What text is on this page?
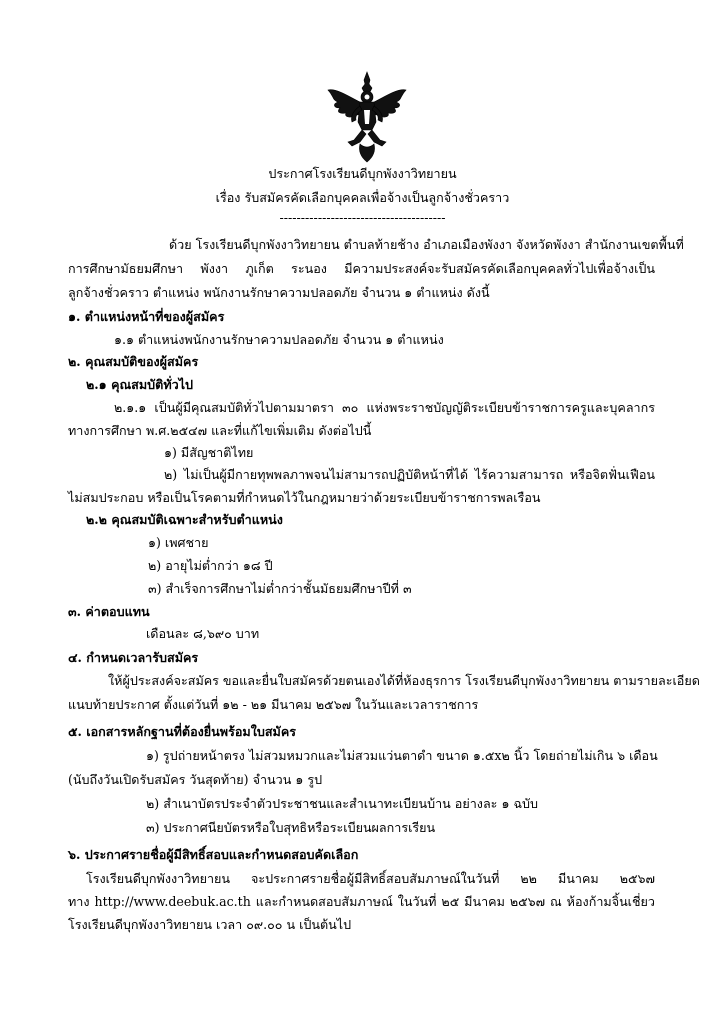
ประกาศโรงเรียนดีบุกพังงาวิทยายน
เรื่อง รับสมัครคัดเลือกบุคคลเพื่อจ้างเป็นลูกจ้างชั่วคราว
---------------------------------------
ด้วย โรงเรียนดีบุกพังงาวิทยายน ตำบลท้ายช้าง อำเภอเมืองพังงา จังหวัดพังงา สำนักงานเขตพื้นที่
การศึกษามัธยมศึกษา พังงา ภูเก็ต ระนอง มีความประสงค์จะรับสมัครคัดเลือกบุคคลทั่วไปเพื่อจ้างเป็น
ลูกจ้างชั่วคราว ตำแหน่ง พนักงานรักษาความปลอดภัย จำนวน ๑ ตำแหน่ง ดังนี้
๑. ตำแหน่งหน้าที่ของผู้สมัคร
๑.๑ ตำแหน่งพนักงานรักษาความปลอดภัย จำนวน ๑ ตำแหน่ง
๒. คุณสมบัติของผู้สมัคร
๒.๑ คุณสมบัติทั่วไป
๒.๑.๑ เป็นผู้มีคุณสมบัติทั่วไปตามมาตรา ๓๐ แห่งพระราชบัญญัติระเบียบข้าราชการครูและบุคลากร
ทางการศึกษา พ.ศ.๒๕๔๗ และที่แก้ไขเพิ่มเติม ดังต่อไปนี้
๑) มีสัญชาติไทย
๒) ไม่เป็นผู้มีกายทุพพลภาพจนไม่สามารถปฏิบัติหน้าที่ได้ ไร้ความสามารถ หรือจิตฟั่นเฟือน
ไม่สมประกอบ หรือเป็นโรคตามที่กำหนดไว้ในกฎหมายว่าด้วยระเบียบข้าราชการพลเรือน
๒.๒ คุณสมบัติเฉพาะสำหรับตำแหน่ง
๑) เพศชาย
๒) อายุไม่ต่ำกว่า ๑๘ ปี
๓) สำเร็จการศึกษาไม่ต่ำกว่าชั้นมัธยมศึกษาปีที่ ๓
๓. ค่าตอบแทน
เดือนละ ๘,๖๙๐ บาท
๔. กำหนดเวลารับสมัคร
ให้ผู้ประสงค์จะสมัคร ขอและยื่นใบสมัครด้วยตนเองได้ที่ห้องธุรการ โรงเรียนดีบุกพังงาวิทยายน ตามรายละเอียด
แนบท้ายประกาศ ตั้งแต่วันที่ ๑๒ - ๒๑ มีนาคม ๒๕๖๗ ในวันและเวลาราชการ
๕. เอกสารหลักฐานที่ต้องยื่นพร้อมใบสมัคร
๑) รูปถ่ายหน้าตรง ไม่สวมหมวกและไม่สวมแว่นตาดำ ขนาด ๑.๕x๒ นิ้ว โดยถ่ายไม่เกิน ๖ เดือน
(นับถึงวันเปิดรับสมัคร วันสุดท้าย) จำนวน ๑ รูป
๒) สำเนาบัตรประจำตัวประชาชนและสำเนาทะเบียนบ้าน อย่างละ ๑ ฉบับ
๓) ประกาศนียบัตรหรือใบสุทธิหรือระเบียนผลการเรียน
๖. ประกาศรายชื่อผู้มีสิทธิ์สอบและกำหนดสอบคัดเลือก
โรงเรียนดีบุกพังงาวิทยายน จะประกาศรายชื่อผู้มีสิทธิ์สอบสัมภาษณ์ในวันที่ ๒๒ มีนาคม ๒๕๖๗
ทาง http://www.deebuk.ac.th และกำหนดสอบสัมภาษณ์ ในวันที่ ๒๕ มีนาคม ๒๕๖๗ ณ ห้องก้ามจิ้นเชี่ยว
โรงเรียนดีบุกพังงาวิทยายน เวลา ๐๙.๐๐ น เป็นต้นไป
